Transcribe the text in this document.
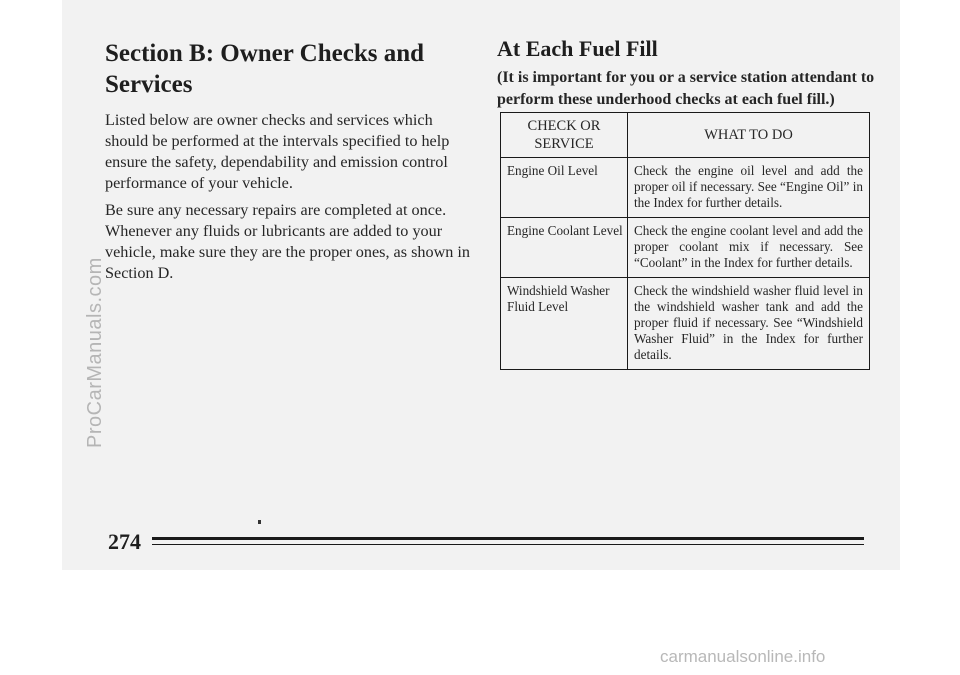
Section B: Owner Checks and Services

Listed below are owner checks and services which should be performed at the intervals specified to help ensure the safety, dependability and emission control performance of your vehicle.

Be sure any necessary repairs are completed at once. Whenever any fluids or lubricants are added to your vehicle, make sure they are the proper ones, as shown in Section D.

At Each Fuel Fill

(It is important for you or a service station attendant to perform these underhood checks at each fuel fill.)

CHECK OR SERVICE	WHAT TO DO
Engine Oil Level	Check the engine oil level and add the proper oil if necessary. See “Engine Oil” in the Index for further details.
Engine Coolant Level	Check the engine coolant level and add the proper coolant mix if necessary. See “Coolant” in the Index for further details.
Windshield Washer Fluid Level	Check the windshield washer fluid level in the windshield washer tank and add the proper fluid if necessary. See “Windshield Washer Fluid” in the Index for further details.
ProCarManuals.com

274

carmanualsonline.info
